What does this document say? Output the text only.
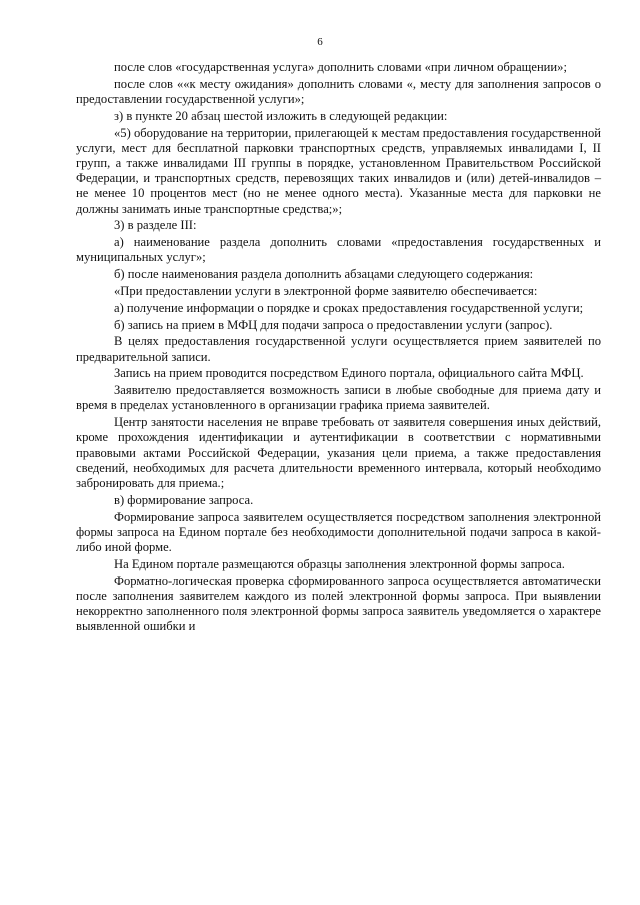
6

после слов «государственная услуга» дополнить словами «при личном обращении»;

после слов ««к месту ожидания» дополнить словами «, месту для заполнения запросов о предоставлении государственной услуги»;

з) в пункте 20 абзац шестой изложить в следующей редакции:

«5) оборудование на территории, прилегающей к местам предоставления государственной услуги, мест для бесплатной парковки транспортных средств, управляемых инвалидами I, II групп, а также инвалидами III группы в порядке, установленном Правительством Российской Федерации, и транспортных средств, перевозящих таких инвалидов и (или) детей-инвалидов – не менее 10 процентов мест (но не менее одного места). Указанные места для парковки не должны занимать иные транспортные средства;»;

3) в разделе III:

а) наименование раздела дополнить словами «предоставления государственных и муниципальных услуг»;

б) после наименования раздела дополнить абзацами следующего содержания:

«При предоставлении услуги в электронной форме заявителю обеспечивается:

а) получение информации о порядке и сроках предоставления государственной услуги;

б) запись на прием в МФЦ для подачи запроса о предоставлении услуги (запрос).

В целях предоставления государственной услуги осуществляется прием заявителей по предварительной записи.

Запись на прием проводится посредством Единого портала, официального сайта МФЦ.

Заявителю предоставляется возможность записи в любые свободные для приема дату и время в пределах установленного в организации графика приема заявителей.

Центр занятости населения не вправе требовать от заявителя совершения иных действий, кроме прохождения идентификации и аутентификации в соответствии с нормативными правовыми актами Российской Федерации, указания цели приема, а также предоставления сведений, необходимых для расчета длительности временного интервала, который необходимо забронировать для приема.;

в) формирование запроса.

Формирование запроса заявителем осуществляется посредством заполнения электронной формы запроса на Едином портале без необходимости дополнительной подачи запроса в какой-либо иной форме.

На Едином портале размещаются образцы заполнения электронной формы запроса.

Форматно-логическая проверка сформированного запроса осуществляется автоматически после заполнения заявителем каждого из полей электронной формы запроса. При выявлении некорректно заполненного поля электронной формы запроса заявитель уведомляется о характере выявленной ошибки и
